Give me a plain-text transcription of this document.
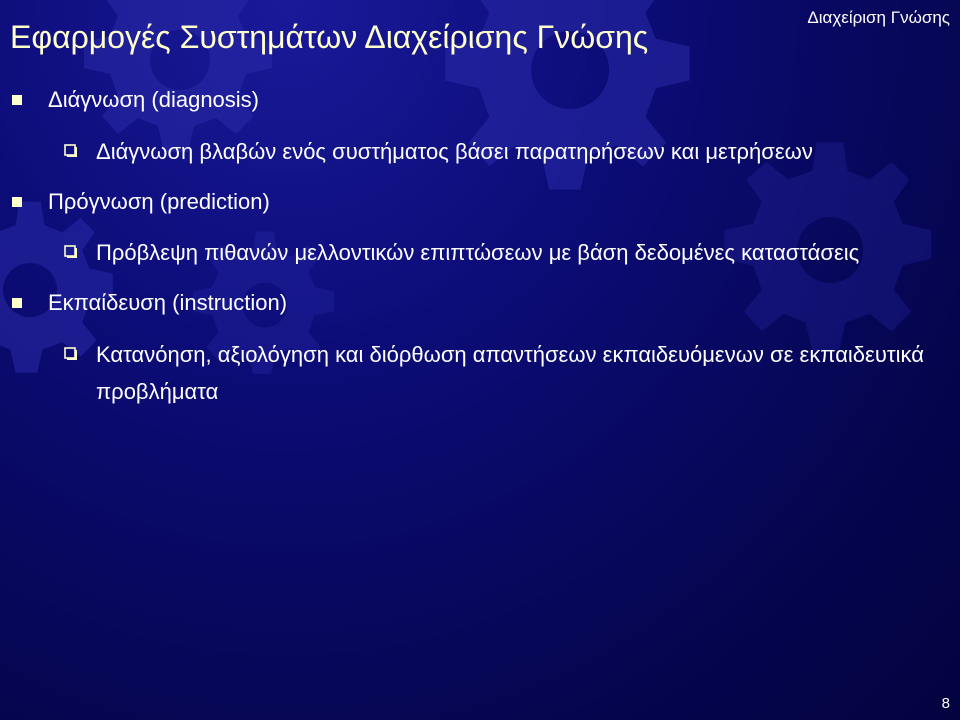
Διαχείριση Γνώσης
Εφαρμογές Συστημάτων Διαχείρισης Γνώσης
Διάγνωση (diagnosis)
Διάγνωση βλαβών ενός συστήματος βάσει παρατηρήσεων και μετρήσεων
Πρόγνωση (prediction)
Πρόβλεψη πιθανών μελλοντικών επιπτώσεων με βάση δεδομένες καταστάσεις
Εκπαίδευση (instruction)
Κατανόηση, αξιολόγηση και διόρθωση απαντήσεων εκπαιδευόμενων σε εκπαιδευτικά προβλήματα
8
